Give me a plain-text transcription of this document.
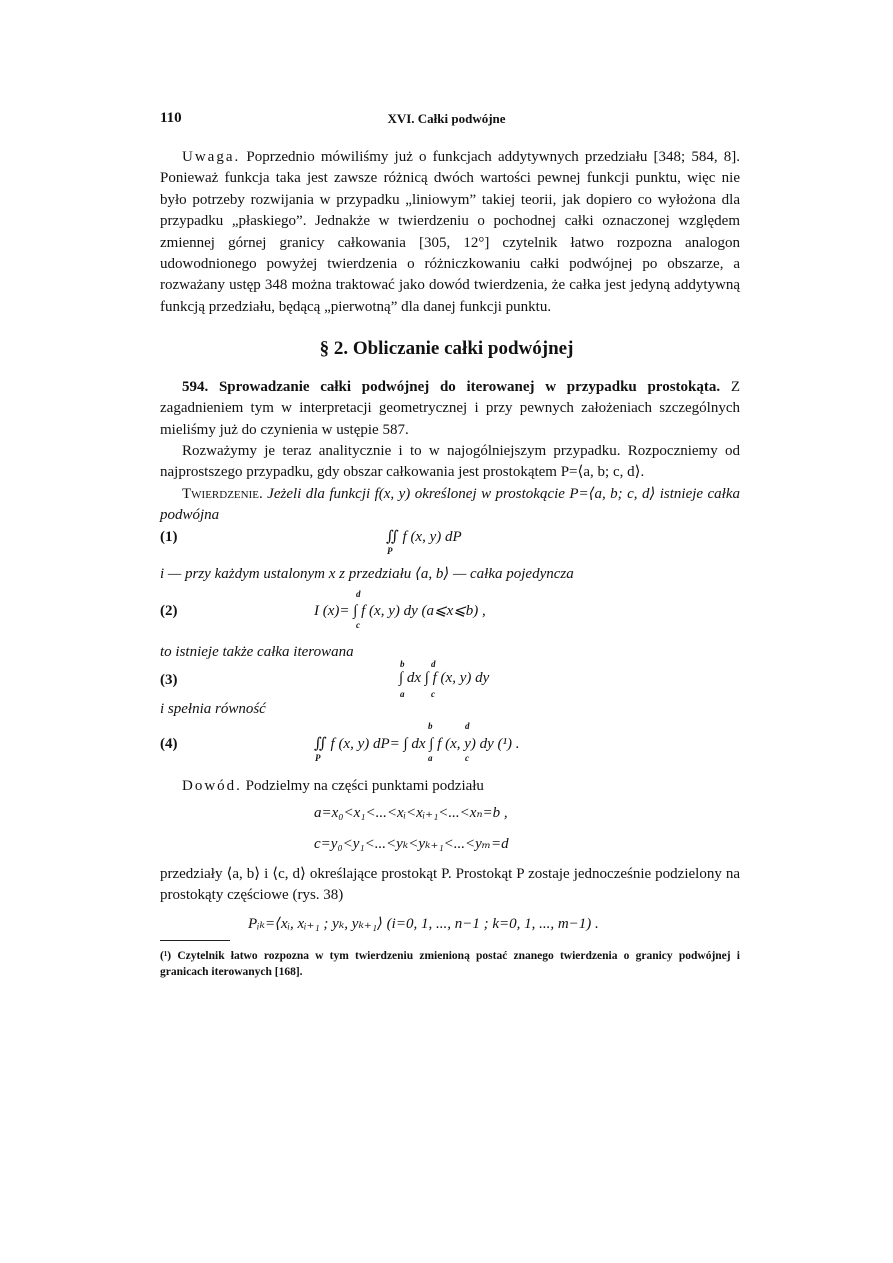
110	XVI. Całki podwójne
Uwaga. Poprzednio mówiliśmy już o funkcjach addytywnych przedziału [348; 584, 8]. Ponieważ funkcja taka jest zawsze różnicą dwóch wartości pewnej funkcji punktu, więc nie było potrzeby rozwijania w przypadku „liniowym” takiej teorii, jak dopiero co wyłożona dla przypadku „płaskiego”. Jednakże w twierdzeniu o pochodnej całki oznaczonej względem zmiennej górnej granicy całkowania [305, 12°] czytelnik łatwo rozpozna analogon udowodnionego powyżej twierdzenia o różniczkowaniu całki podwójnej po obszarze, a rozważany ustęp 348 można traktować jako dowód twierdzenia, że całka jest jedyną addytywną funkcją przedziału, będącą „pierwotną” dla danej funkcji punktu.
§ 2. Obliczanie całki podwójnej
594. Sprowadzanie całki podwójnej do iterowanej w przypadku prostokąta. Z zagadnieniem tym w interpretacji geometrycznej i przy pewnych założeniach szczególnych mieliśmy już do czynienia w ustępie 587.
Rozważymy je teraz analitycznie i to w najogólniejszym przypadku. Rozpoczniemy od najprostszego przypadku, gdy obszar całkowania jest prostokątem P=⟨a, b; c, d⟩.
Twierdzenie. Jeżeli dla funkcji f(x, y) określonej w prostokącie P=⟨a, b; c, d⟩ istnieje całka podwójna
(1)	∬ f (x, y) dP
P
i — przy każdym ustalonym x z przedziału ⟨a, b⟩ — całka pojedyncza
(2)
d
I (x)= ∫ f (x, y) dy (a⩽x⩽b) ,
c
to istnieje także całka iterowana
(3)
b	d
∫ dx ∫ f (x, y) dy
a	c
i spełnia równość
(4)
b	d
∬ f (x, y) dP= ∫ dx ∫ f (x, y) dy (¹) .
P	a	c
Dowód. Podzielmy na części punktami podziału
a=x₀<x₁<...<xᵢ<xᵢ₊₁<...<xₙ=b ,
c=y₀<y₁<...<yₖ<yₖ₊₁<...<yₘ=d
przedziały ⟨a, b⟩ i ⟨c, d⟩ określające prostokąt P. Prostokąt P zostaje jednocześnie podzielony na prostokąty częściowe (rys. 38)
Pᵢₖ=⟨xᵢ, xᵢ₊₁ ; yₖ, yₖ₊₁⟩ (i=0, 1, ..., n−1 ; k=0, 1, ..., m−1) .
(¹) Czytelnik łatwo rozpozna w tym twierdzeniu zmienioną postać znanego twierdzenia o granicy podwójnej i granicach iterowanych [168].
